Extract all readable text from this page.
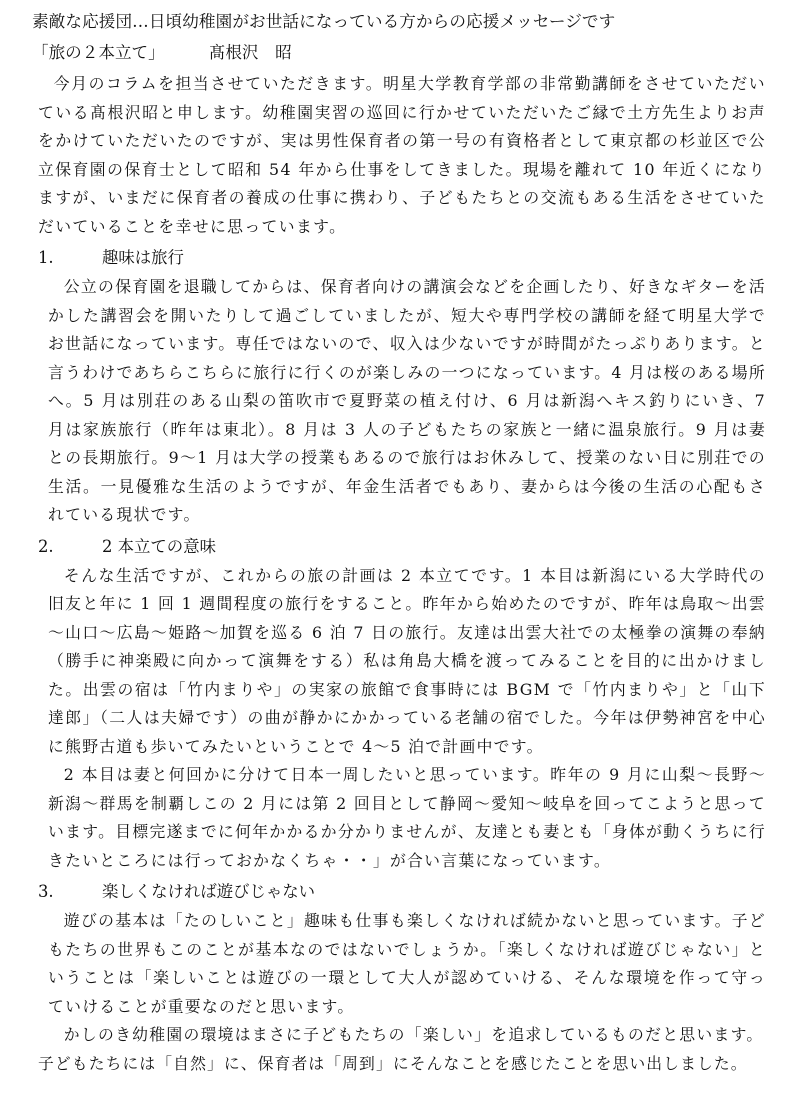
素敵な応援団…日頃幼稚園がお世話になっている方からの応援メッセージです
「旅の２本立て」	髙根沢　昭

今月のコラムを担当させていただきます。明星大学教育学部の非常勤講師をさせていただいている髙根沢昭と申します。幼稚園実習の巡回に行かせていただいたご縁で土方先生よりお声をかけていただいたのですが、実は男性保育者の第一号の有資格者として東京都の杉並区で公立保育園の保育士として昭和 54 年から仕事をしてきました。現場を離れて 10 年近くになりますが、いまだに保育者の養成の仕事に携わり、子どもたちとの交流もある生活をさせていただいていることを幸せに思っています。

1.	趣味は旅行

公立の保育園を退職してからは、保育者向けの講演会などを企画したり、好きなギターを活かした講習会を開いたりして過ごしていましたが、短大や専門学校の講師を経て明星大学でお世話になっています。専任ではないので、収入は少ないですが時間がたっぷりあります。と言うわけであちらこちらに旅行に行くのが楽しみの一つになっています。4 月は桜のある場所へ。5 月は別荘のある山梨の笛吹市で夏野菜の植え付け、6 月は新潟へキス釣りにいき、7 月は家族旅行（昨年は東北）。8 月は 3 人の子どもたちの家族と一緒に温泉旅行。9 月は妻との長期旅行。9～1 月は大学の授業もあるので旅行はお休みして、授業のない日に別荘での生活。一見優雅な生活のようですが、年金生活者でもあり、妻からは今後の生活の心配もされている現状です。

2.	2 本立ての意味

そんな生活ですが、これからの旅の計画は 2 本立てです。1 本目は新潟にいる大学時代の旧友と年に 1 回 1 週間程度の旅行をすること。昨年から始めたのですが、昨年は鳥取～出雲～山口～広島～姫路～加賀を巡る 6 泊 7 日の旅行。友達は出雲大社での太極拳の演舞の奉納（勝手に神楽殿に向かって演舞をする）私は角島大橋を渡ってみることを目的に出かけました。出雲の宿は「竹内まりや」の実家の旅館で食事時には BGM で「竹内まりや」と「山下達郎」（二人は夫婦です）の曲が静かにかかっている老舗の宿でした。今年は伊勢神宮を中心に熊野古道も歩いてみたいということで 4～5 泊で計画中です。

2 本目は妻と何回かに分けて日本一周したいと思っています。昨年の 9 月に山梨～長野～新潟～群馬を制覇しこの 2 月には第 2 回目として静岡～愛知～岐阜を回ってこようと思っています。目標完遂までに何年かかるか分かりませんが、友達とも妻とも「身体が動くうちに行きたいところには行っておかなくちゃ・・」が合い言葉になっています。

3.	楽しくなければ遊びじゃない

遊びの基本は「たのしいこと」趣味も仕事も楽しくなければ続かないと思っています。子どもたちの世界もこのことが基本なのではないでしょうか。「楽しくなければ遊びじゃない」ということは「楽しいことは遊びの一環として大人が認めていける、そんな環境を作って守っていけることが重要なのだと思います。

かしのき幼稚園の環境はまさに子どもたちの「楽しい」を追求しているものだと思います。

子どもたちには「自然」に、保育者は「周到」にそんなことを感じたことを思い出しました。
